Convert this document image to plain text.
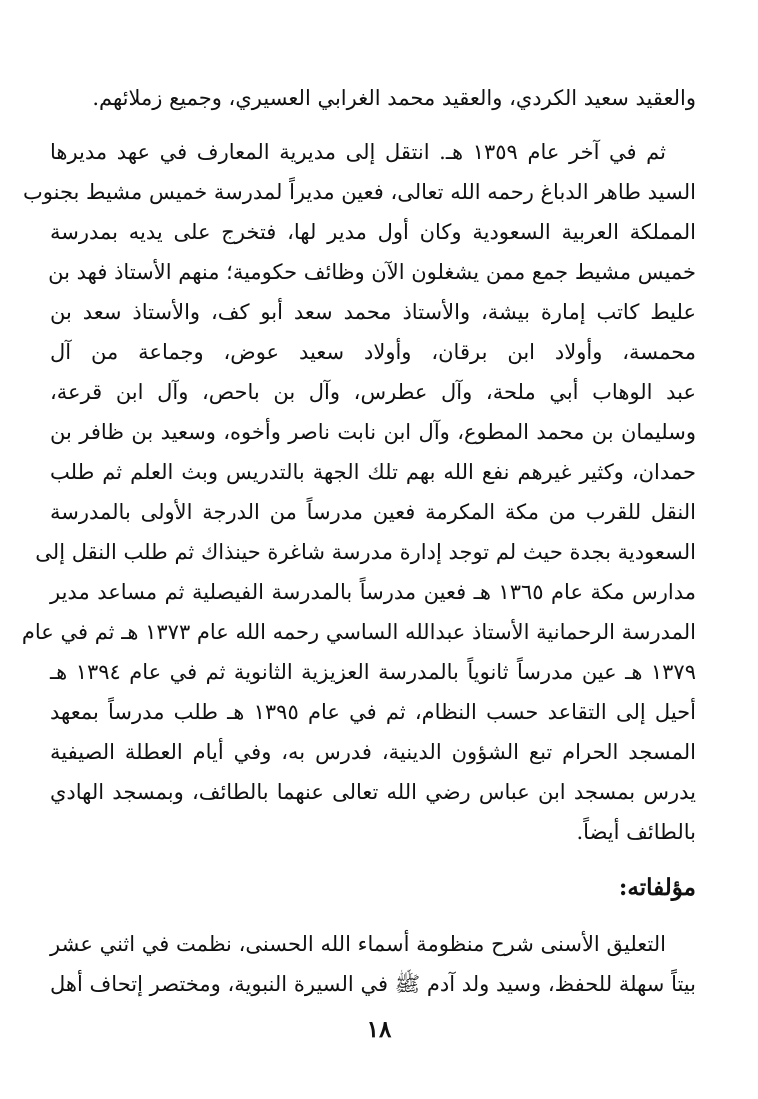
والعقيد سعيد الكردي، والعقيد محمد الغرابي العسيري، وجميع زملائهم.
ثم في آخر عام ١٣٥٩ هـ. انتقل إلى مديرية المعارف في عهد مديرها
السيد طاهر الدباغ رحمه الله تعالى، فعين مديراً لمدرسة خميس مشيط بجنوب
المملكة العربية السعودية وكان أول مدير لها، فتخرج على يديه بمدرسة
خميس مشيط جمع ممن يشغلون الآن وظائف حكومية؛ منهم الأستاذ فهد بن
عليط كاتب إمارة بيشة، والأستاذ محمد سعد أبو كف، والأستاذ سعد بن
محمسة، وأولاد ابن برقان، وأولاد سعيد عوض، وجماعة من آل
عبد الوهاب أبي ملحة، وآل عطرس، وآل بن باحص، وآل ابن قرعة،
وسليمان بن محمد المطوع، وآل ابن نابت ناصر وأخوه، وسعيد بن ظافر بن
حمدان، وكثير غيرهم نفع الله بهم تلك الجهة بالتدريس وبث العلم ثم طلب
النقل للقرب من مكة المكرمة فعين مدرساً من الدرجة الأولى بالمدرسة
السعودية بجدة حيث لم توجد إدارة مدرسة شاغرة حينذاك ثم طلب النقل إلى
مدارس مكة عام ١٣٦٥ هـ فعين مدرساً بالمدرسة الفيصلية ثم مساعد مدير
المدرسة الرحمانية الأستاذ عبدالله الساسي رحمه الله عام ١٣٧٣ هـ ثم في عام
١٣٧٩ هـ عين مدرساً ثانوياً بالمدرسة العزيزية الثانوية ثم في عام ١٣٩٤ هـ
أحيل إلى التقاعد حسب النظام، ثم في عام ١٣٩٥ هـ طلب مدرساً بمعهد
المسجد الحرام تبع الشؤون الدينية، فدرس به، وفي أيام العطلة الصيفية
يدرس بمسجد ابن عباس رضي الله تعالى عنهما بالطائف، وبمسجد الهادي
بالطائف أيضاً.
مؤلفاته:
التعليق الأسنى شرح منظومة أسماء الله الحسنى، نظمت في اثني عشر
بيتاً سهلة للحفظ، وسيد ولد آدم ﷺ في السيرة النبوية، ومختصر إتحاف أهل
١٨
